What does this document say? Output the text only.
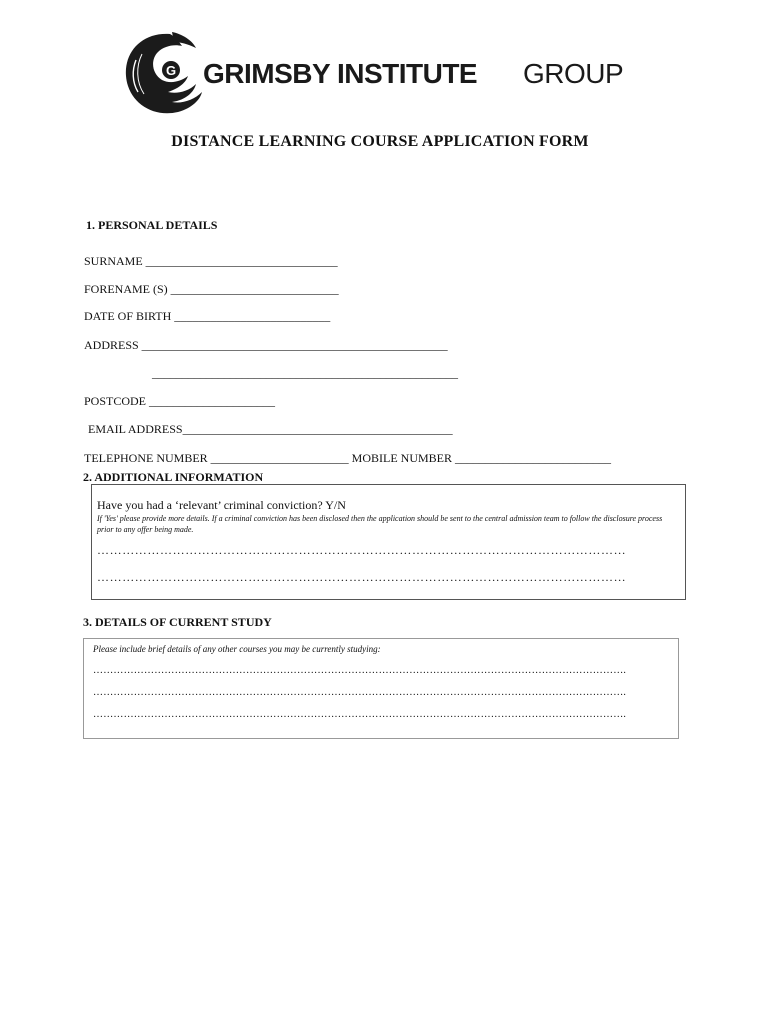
G GRIMSBY INSTITUTE GROUP
DISTANCE LEARNING COURSE APPLICATION FORM
1. PERSONAL DETAILS
SURNAME ________________________________
FORENAME (S) ____________________________
DATE OF BIRTH __________________________
ADDRESS ___________________________________________________
___________________________________________________
POSTCODE _____________________
EMAIL ADDRESS_____________________________________________
TELEPHONE NUMBER _______________________ MOBILE NUMBER __________________________
2. ADDITIONAL INFORMATION
Have you had a ‘relevant’ criminal conviction? Y/N
If 'Yes' please provide more details. If a criminal conviction has been disclosed then the application should be sent to the central admission team to follow the disclosure process prior to any offer being made.
………………………………………………………………………………………………………………
………………………………………………………………………………………………………………
3. DETAILS OF CURRENT STUDY
Please include brief details of any other courses you may be currently studying:
………………………………………………………………………………………………………………………………………….
………………………………………………………………………………………………………………………………………….
………………………………………………………………………………………………………………………………………….
